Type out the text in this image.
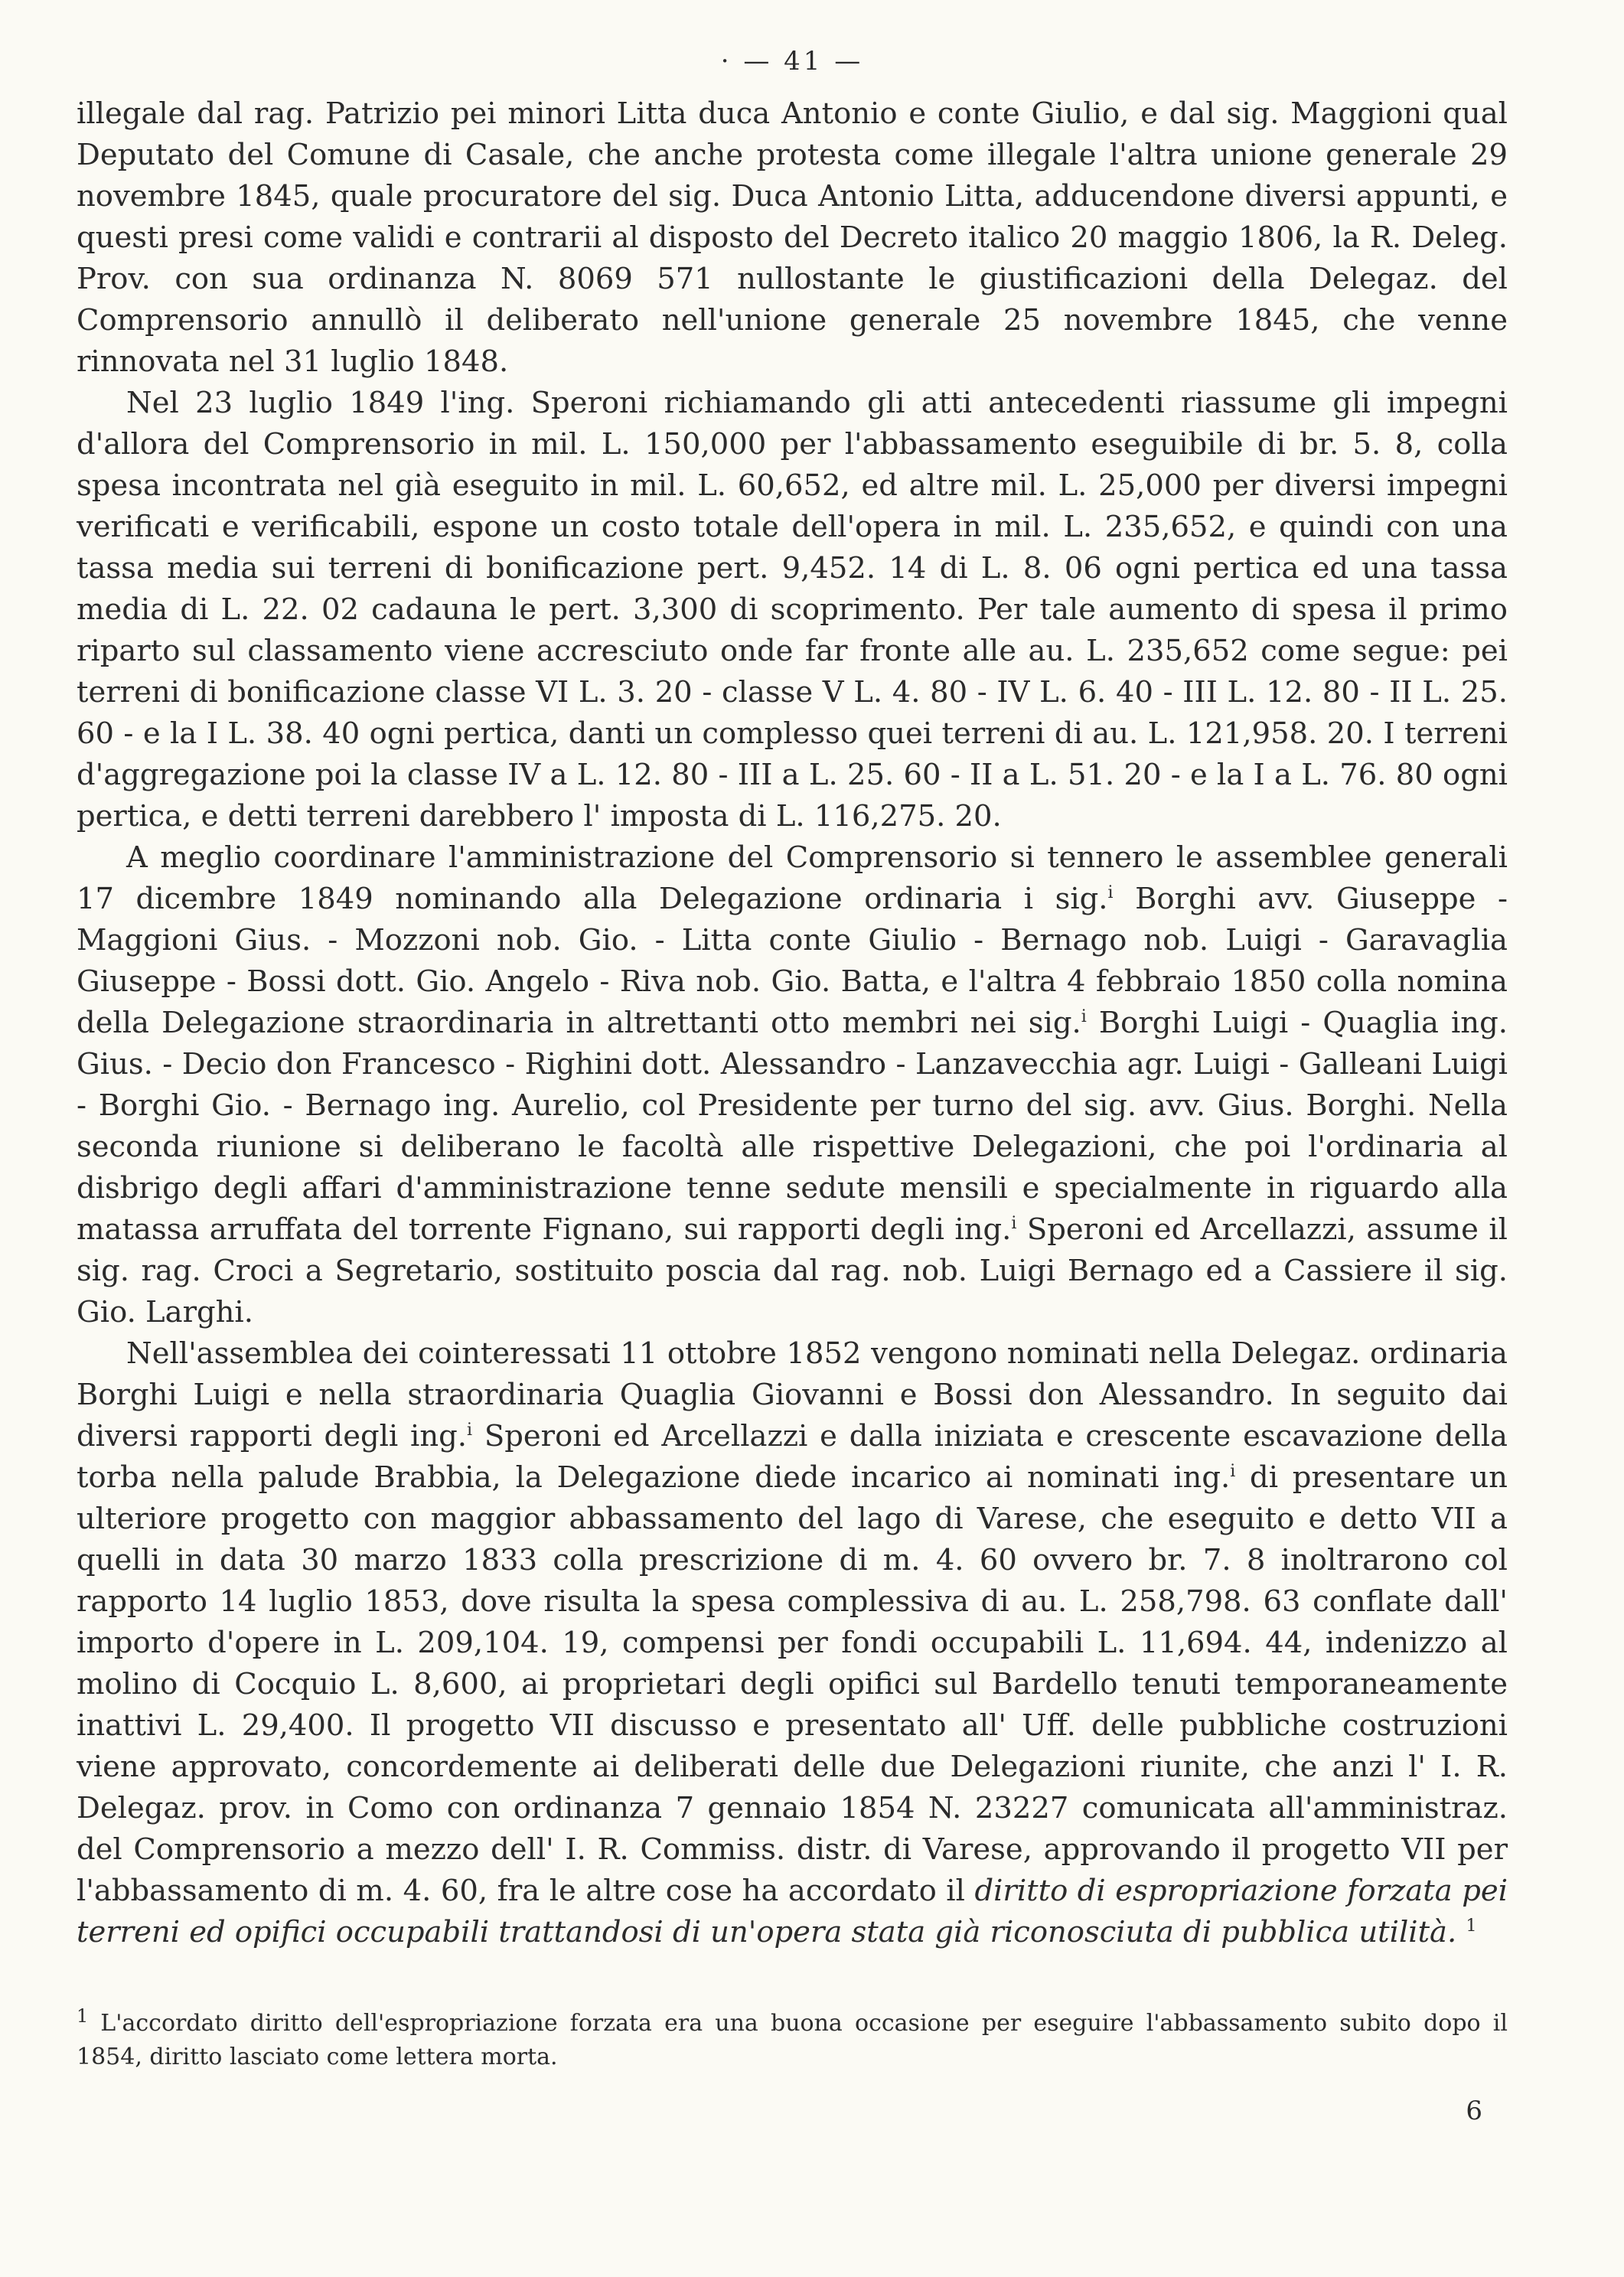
· — 41 —

illegale dal rag. Patrizio pei minori Litta duca Antonio e conte Giulio, e dal sig. Maggioni qual Deputato del Comune di Casale, che anche protesta come illegale l'altra unione generale 29 novembre 1845, quale procuratore del sig. Duca Antonio Litta, adducendone diversi appunti, e questi presi come validi e contrarii al disposto del Decreto italico 20 maggio 1806, la R. Deleg. Prov. con sua ordinanza N. 8069 571 nullostante le giustificazioni della Delegaz. del Comprensorio annullò il deliberato nell'unione generale 25 novembre 1845, che venne rinnovata nel 31 luglio 1848.

Nel 23 luglio 1849 l'ing. Speroni richiamando gli atti antecedenti riassume gli impegni d'allora del Comprensorio in mil. L. 150,000 per l'abbassamento eseguibile di br. 5. 8, colla spesa incontrata nel già eseguito in mil. L. 60,652, ed altre mil. L. 25,000 per diversi impegni verificati e verificabili, espone un costo totale dell'opera in mil. L. 235,652, e quindi con una tassa media sui terreni di bonificazione pert. 9,452. 14 di L. 8. 06 ogni pertica ed una tassa media di L. 22. 02 cadauna le pert. 3,300 di scoprimento. Per tale aumento di spesa il primo riparto sul classamento viene accresciuto onde far fronte alle au. L. 235,652 come segue: pei terreni di bonificazione classe VI L. 3. 20 - classe V L. 4. 80 - IV L. 6. 40 - III L. 12. 80 - II L. 25. 60 - e la I L. 38. 40 ogni pertica, danti un complesso quei terreni di au. L. 121,958. 20. I terreni d'aggregazione poi la classe IV a L. 12. 80 - III a L. 25. 60 - II a L. 51. 20 - e la I a L. 76. 80 ogni pertica, e detti terreni darebbero l' imposta di L. 116,275. 20.

A meglio coordinare l'amministrazione del Comprensorio si tennero le assemblee generali 17 dicembre 1849 nominando alla Delegazione ordinaria i sig.$^i$ Borghi avv. Giuseppe - Maggioni Gius. - Mozzoni nob. Gio. - Litta conte Giulio - Bernago nob. Luigi - Garavaglia Giuseppe - Bossi dott. Gio. Angelo - Riva nob. Gio. Batta, e l'altra 4 febbraio 1850 colla nomina della Delegazione straordinaria in altrettanti otto membri nei sig.$^i$ Borghi Luigi - Quaglia ing. Gius. - Decio don Francesco - Righini dott. Alessandro - Lanzavecchia agr. Luigi - Galleani Luigi - Borghi Gio. - Bernago ing. Aurelio, col Presidente per turno del sig. avv. Gius. Borghi. Nella seconda riunione si deliberano le facoltà alle rispettive Delegazioni, che poi l'ordinaria al disbrigo degli affari d'amministrazione tenne sedute mensili e specialmente in riguardo alla matassa arruffata del torrente Fignano, sui rapporti degli ing.$^i$ Speroni ed Arcellazzi, assume il sig. rag. Croci a Segretario, sostituito poscia dal rag. nob. Luigi Bernago ed a Cassiere il sig. Gio. Larghi.

Nell'assemblea dei cointeressati 11 ottobre 1852 vengono nominati nella Delegaz. ordinaria Borghi Luigi e nella straordinaria Quaglia Giovanni e Bossi don Alessandro. In seguito dai diversi rapporti degli ing.$^i$ Speroni ed Arcellazzi e dalla iniziata e crescente escavazione della torba nella palude Brabbia, la Delegazione diede incarico ai nominati ing.$^i$ di presentare un ulteriore progetto con maggior abbassamento del lago di Varese, che eseguito e detto VII a quelli in data 30 marzo 1833 colla prescrizione di m. 4. 60 ovvero br. 7. 8 inoltrarono col rapporto 14 luglio 1853, dove risulta la spesa complessiva di au. L. 258,798. 63 conflate dall' importo d'opere in L. 209,104. 19, compensi per fondi occupabili L. 11,694. 44, indenizzo al molino di Cocquio L. 8,600, ai proprietari degli opifici sul Bardello tenuti temporaneamente inattivi L. 29,400. Il progetto VII discusso e presentato all' Uff. delle pubbliche costruzioni viene approvato, concordemente ai deliberati delle due Delegazioni riunite, che anzi l' I. R. Delegaz. prov. in Como con ordinanza 7 gennaio 1854 N. 23227 comunicata all'amministraz. del Comprensorio a mezzo dell' I. R. Commiss. distr. di Varese, approvando il progetto VII per l'abbassamento di m. 4. 60, fra le altre cose ha accordato il diritto di espropriazione forzata pei terreni ed opifici occupabili trattandosi di un'opera stata già riconosciuta di pubblica utilità. $^1$

$^1$ L'accordato diritto dell'espropriazione forzata era una buona occasione per eseguire l'abbassamento subito dopo il 1854, diritto lasciato come lettera morta.
6
